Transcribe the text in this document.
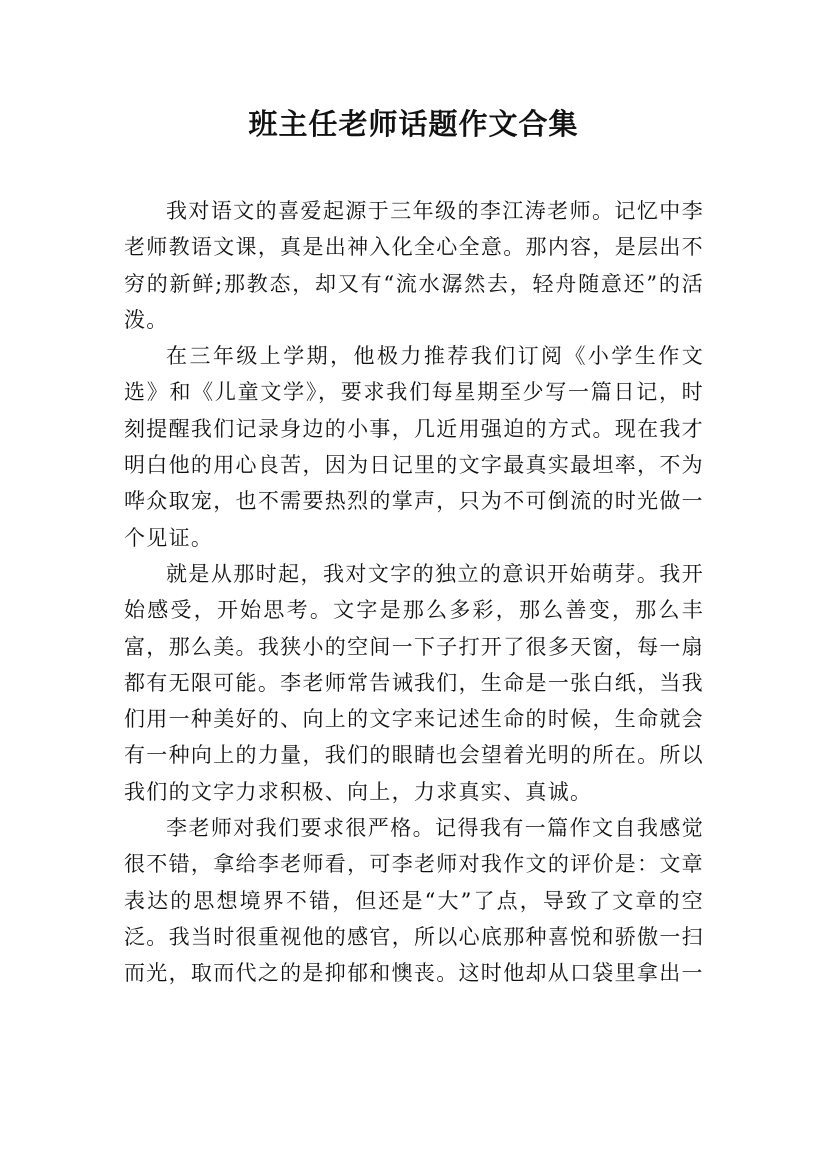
班主任老师话题作文合集

我对语文的喜爱起源于三年级的李江涛老师。记忆中李老师教语文课，真是出神入化全心全意。那内容，是层出不穷的新鲜;那教态，却又有“流水潺然去，轻舟随意还”的活泼。

在三年级上学期，他极力推荐我们订阅《小学生作文选》和《儿童文学》，要求我们每星期至少写一篇日记，时刻提醒我们记录身边的小事，几近用强迫的方式。现在我才明白他的用心良苦，因为日记里的文字最真实最坦率，不为哗众取宠，也不需要热烈的掌声，只为不可倒流的时光做一个见证。

就是从那时起，我对文字的独立的意识开始萌芽。我开始感受，开始思考。文字是那么多彩，那么善变，那么丰富，那么美。我狭小的空间一下子打开了很多天窗，每一扇都有无限可能。李老师常告诫我们，生命是一张白纸，当我们用一种美好的、向上的文字来记述生命的时候，生命就会有一种向上的力量，我们的眼睛也会望着光明的所在。所以我们的文字力求积极、向上，力求真实、真诚。

李老师对我们要求很严格。记得我有一篇作文自我感觉很不错，拿给李老师看，可李老师对我作文的评价是：文章表达的思想境界不错，但还是“大”了点，导致了文章的空泛。我当时很重视他的感官，所以心底那种喜悦和骄傲一扫而光，取而代之的是抑郁和懊丧。这时他却从口袋里拿出一
